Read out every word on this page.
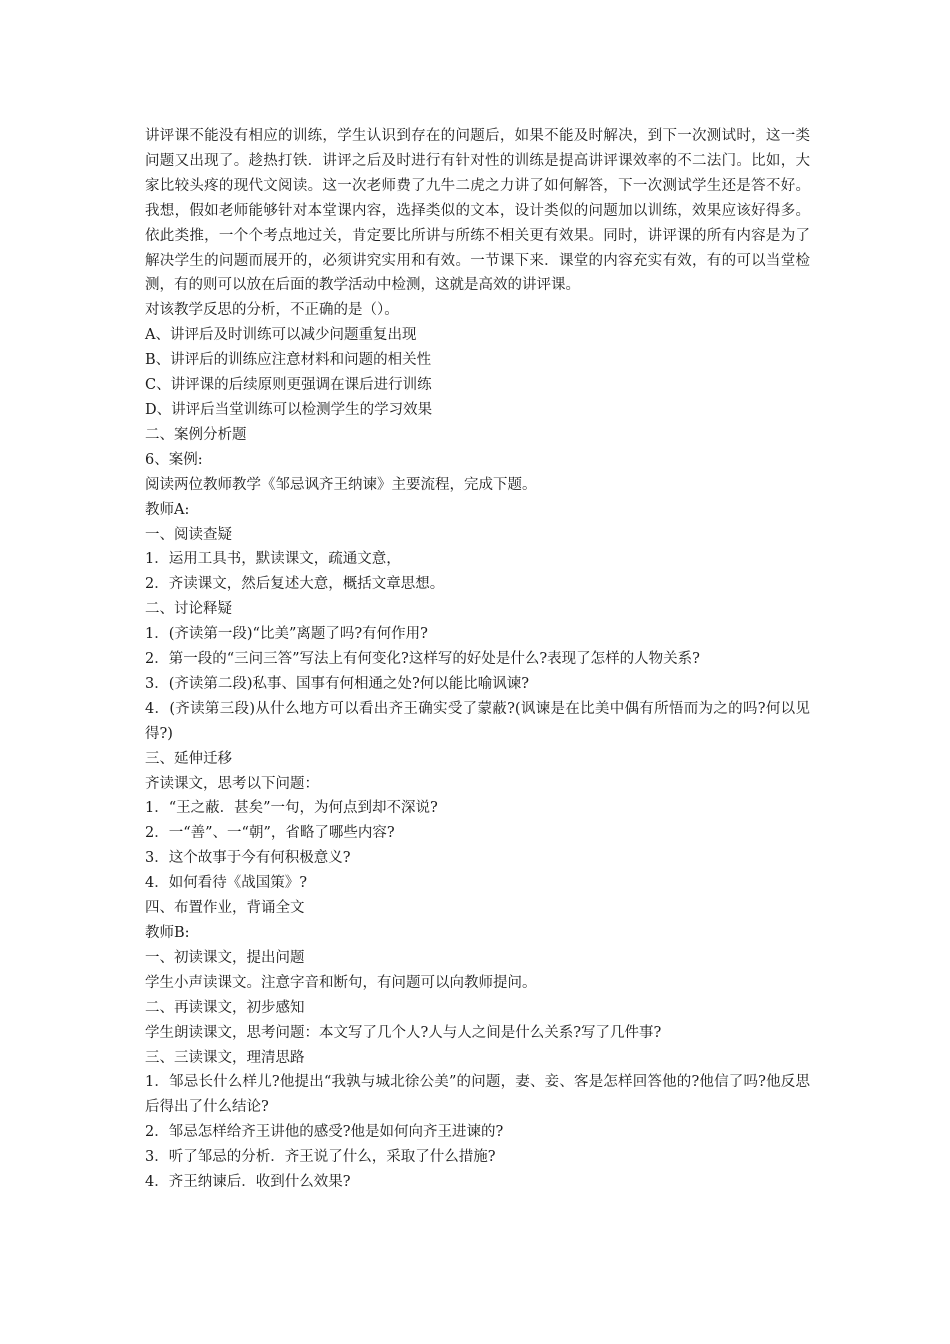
讲评课不能没有相应的训练，学生认识到存在的问题后，如果不能及时解决，到下一次测试时，这一类问题又出现了。趁热打铁．讲评之后及时进行有针对性的训练是提高讲评课效率的不二法门。比如，大家比较头疼的现代文阅读。这一次老师费了九牛二虎之力讲了如何解答，下一次测试学生还是答不好。我想，假如老师能够针对本堂课内容，选择类似的文本，设计类似的问题加以训练，效果应该好得多。依此类推，一个个考点地过关，肯定要比所讲与所练不相关更有效果。同时，讲评课的所有内容是为了解决学生的问题而展开的，必须讲究实用和有效。一节课下来．课堂的内容充实有效，有的可以当堂检测，有的则可以放在后面的教学活动中检测，这就是高效的讲评课。

对该教学反思的分析，不正确的是（）。

A、讲评后及时训练可以减少问题重复出现

B、讲评后的训练应注意材料和问题的相关性

C、讲评课的后续原则更强调在课后进行训练

D、讲评后当堂训练可以检测学生的学习效果

二、案例分析题

6、案例:

阅读两位教师教学《邹忌讽齐王纳谏》主要流程，完成下题。

教师A:

一、阅读查疑

1．运用工具书，默读课文，疏通文意，

2．齐读课文，然后复述大意，概括文章思想。

二、讨论释疑

1．(齐读第一段)“比美”离题了吗?有何作用?

2．第一段的“三问三答”写法上有何变化?这样写的好处是什么?表现了怎样的人物关系?

3．(齐读第二段)私事、国事有何相通之处?何以能比喻讽谏?

4．(齐读第三段)从什么地方可以看出齐王确实受了蒙蔽?(讽谏是在比美中偶有所悟而为之的吗?何以见得?)

三、延伸迁移

齐读课文，思考以下问题：

1．“王之蔽．甚矣”一句，为何点到却不深说?

2．一“善”、一“朝”，省略了哪些内容?

3．这个故事于今有何积极意义?

4．如何看待《战国策》?

四、布置作业，背诵全文

教师B:

一、初读课文，提出问题

学生小声读课文。注意字音和断句，有问题可以向教师提问。

二、再读课文，初步感知

学生朗读课文，思考问题：本文写了几个人?人与人之间是什么关系?写了几件事?

三、三读课文，理清思路

1．邹忌长什么样儿?他提出“我孰与城北徐公美”的问题，妻、妾、客是怎样回答他的?他信了吗?他反思后得出了什么结论?

2．邹忌怎样给齐王讲他的感受?他是如何向齐王进谏的?

3．听了邹忌的分析．齐王说了什么，采取了什么措施?

4．齐王纳谏后．收到什么效果?
